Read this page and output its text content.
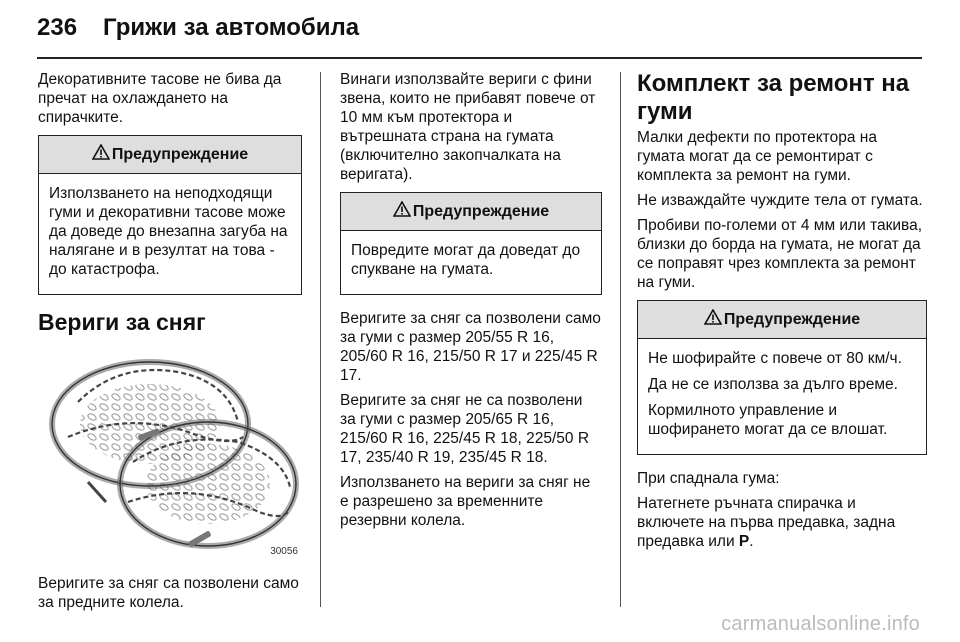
236 Грижи за автомобила

Декоративните тасове не бива да пречат на охлаждането на спирачките.

Предупреждение

Използването на неподходящи гуми и декоративни тасове може да доведе до внезапна загуба на налягане и в резултат на това - до катастрофа.

Вериги за сняг
30056

Веригите за сняг са позволени само за предните колела.

Винаги използвайте вериги с фини звена, които не прибавят повече от 10 мм към протектора и вътрешната страна на гумата (включително закопчалката на веригата).

Предупреждение

Повредите могат да доведат до спукване на гумата.

Веригите за сняг са позволени само за гуми с размер 205/55 R 16, 205/60 R 16, 215/50 R 17 и 225/45 R 17.

Веригите за сняг не са позволени за гуми с размер 205/65 R 16, 215/60 R 16, 225/45 R 18, 225/50 R 17, 235/40 R 19, 235/45 R 18.

Използването на вериги за сняг не е разрешено за временните резервни колела.

Комплект за ремонт на гуми

Малки дефекти по протектора на гумата могат да се ремонтират с комплекта за ремонт на гуми.

Не изваждайте чуждите тела от гумата.

Пробиви по-големи от 4 мм или такива, близки до борда на гумата, не могат да се поправят чрез комплекта за ремонт на гуми.

Предупреждение

Не шофирайте с повече от 80 км/ч.

Да не се използва за дълго време.

Кормилното управление и шофирането могат да се влошат.

При спаднала гума:

Натегнете ръчната спирачка и включете на първа предавка, задна предавка или Р.

carmanualsonline.info
